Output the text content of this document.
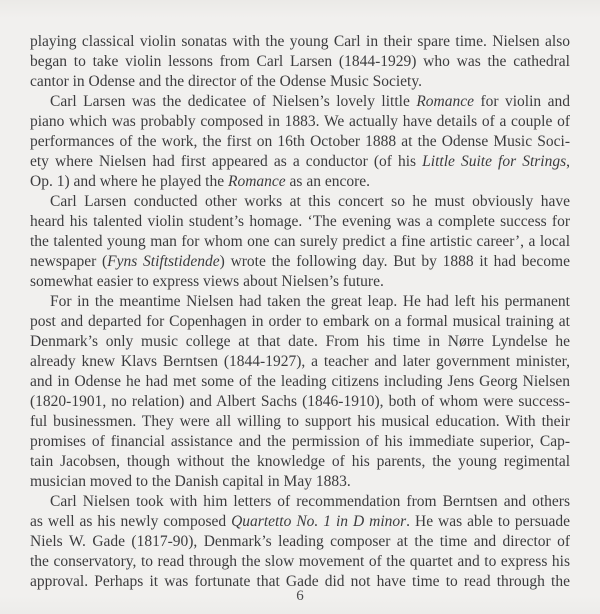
playing classical violin sonatas with the young Carl in their spare time. Nielsen also
began to take violin lessons from Carl Larsen (1844-1929) who was the cathedral
cantor in Odense and the director of the Odense Music Society.
Carl Larsen was the dedicatee of Nielsen’s lovely little Romance for violin and
piano which was probably composed in 1883. We actually have details of a couple of
performances of the work, the first on 16th October 1888 at the Odense Music Soci-
ety where Nielsen had first appeared as a conductor (of his Little Suite for Strings,
Op. 1) and where he played the Romance as an encore.
Carl Larsen conducted other works at this concert so he must obviously have
heard his talented violin student’s homage. ‘The evening was a complete success for
the talented young man for whom one can surely predict a fine artistic career’, a local
newspaper (Fyns Stiftstidende) wrote the following day. But by 1888 it had become
somewhat easier to express views about Nielsen’s future.
For in the meantime Nielsen had taken the great leap. He had left his permanent
post and departed for Copenhagen in order to embark on a formal musical training at
Denmark’s only music college at that date. From his time in Nørre Lyndelse he
already knew Klavs Berntsen (1844-1927), a teacher and later government minister,
and in Odense he had met some of the leading citizens including Jens Georg Nielsen
(1820-1901, no relation) and Albert Sachs (1846-1910), both of whom were success-
ful businessmen. They were all willing to support his musical education. With their
promises of financial assistance and the permission of his immediate superior, Cap-
tain Jacobsen, though without the knowledge of his parents, the young regimental
musician moved to the Danish capital in May 1883.
Carl Nielsen took with him letters of recommendation from Berntsen and others
as well as his newly composed Quartetto No. 1 in D minor. He was able to persuade
Niels W. Gade (1817-90), Denmark’s leading composer at the time and director of
the conservatory, to read through the slow movement of the quartet and to express his
approval. Perhaps it was fortunate that Gade did not have time to read through the
6
